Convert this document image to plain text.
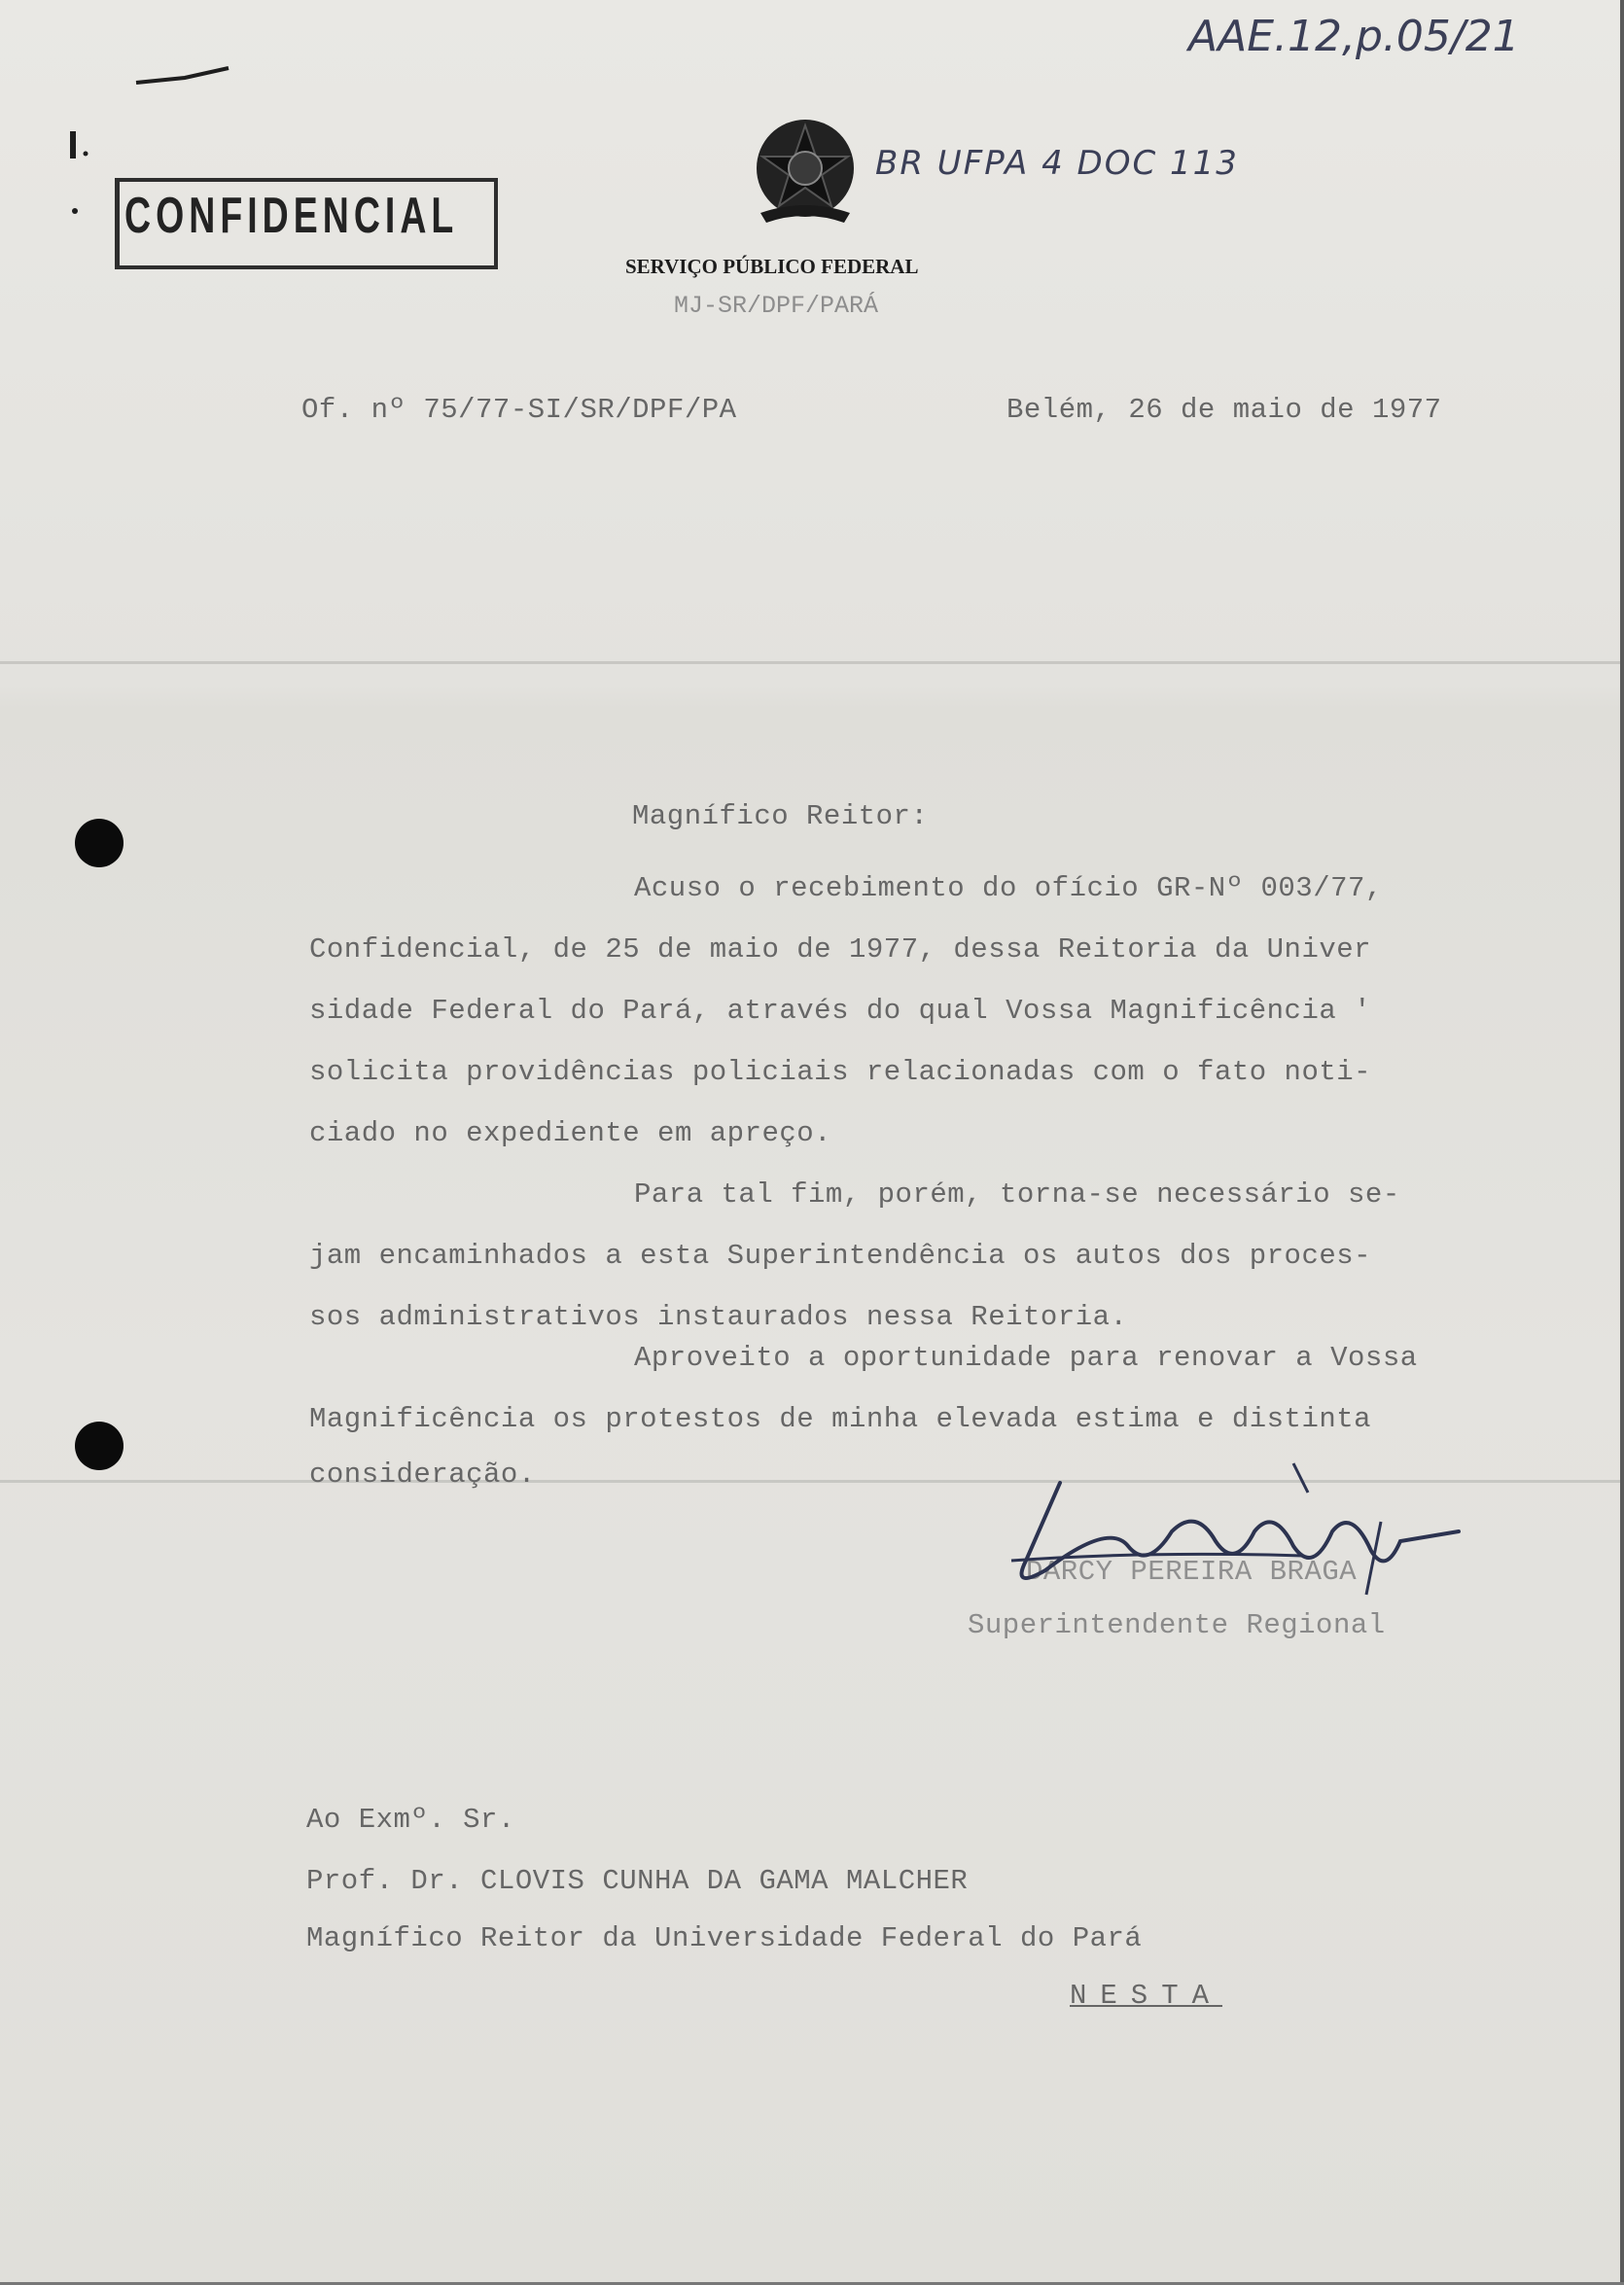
AAE.12,p.05/21
BR UFPA 4 DOC 113
CONFIDENCIAL
SERVIÇO PÚBLICO FEDERAL
MJ-SR/DPF/PARÁ
Of. nº 75/77-SI/SR/DPF/PA	Belém, 26 de maio de 1977
Magnífico Reitor:
Acuso o recebimento do ofício GR-Nº 003/77,
Confidencial, de 25 de maio de 1977, dessa Reitoria da Univer
sidade Federal do Pará, através do qual Vossa Magnificência '
solicita providências policiais relacionadas com o fato noti-
ciado no expediente em apreço.
Para tal fim, porém, torna-se necessário se-
jam encaminhados a esta Superintendência os autos dos proces-
sos administrativos instaurados nessa Reitoria.
Aproveito a oportunidade para renovar a Vossa
Magnificência os protestos de minha elevada estima e distinta
consideração.
DARCY PEREIRA BRAGA
Superintendente Regional
Ao Exmº. Sr.
Prof. Dr. CLOVIS CUNHA DA GAMA MALCHER
Magnífico Reitor da Universidade Federal do Pará
NESTA
